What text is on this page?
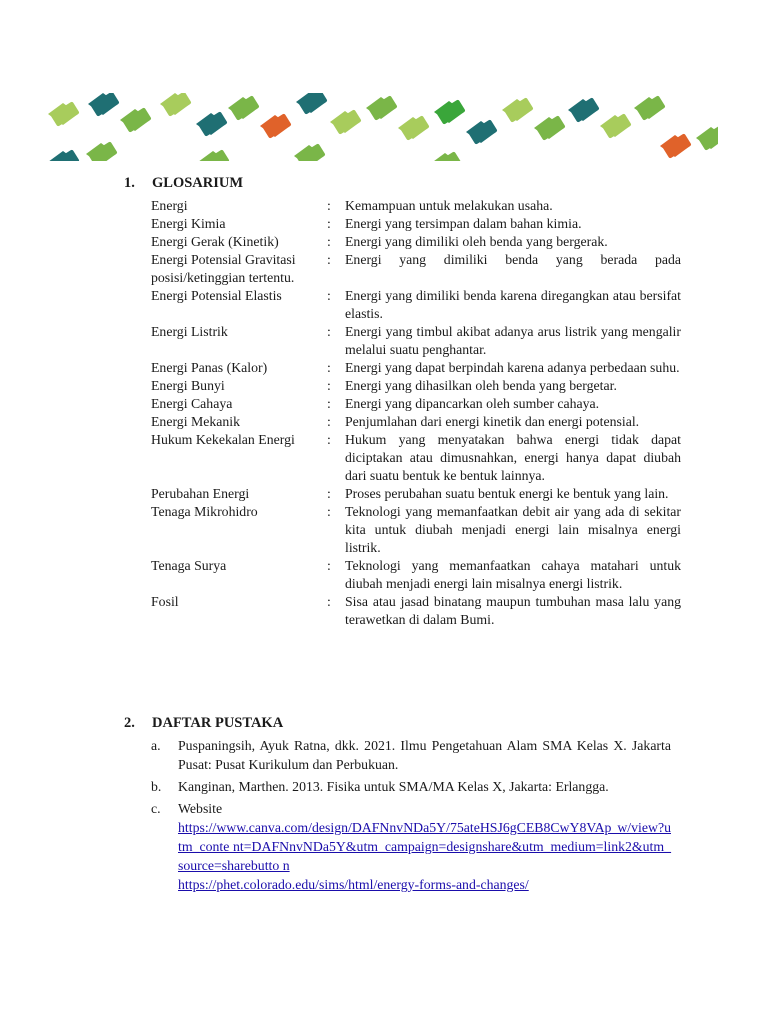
1. GLOSARIUM
Energi	: Kemampuan untuk melakukan usaha.
Energi Kimia	: Energi yang tersimpan dalam bahan kimia.
Energi Gerak (Kinetik)	: Energi yang dimiliki oleh benda yang bergerak.
Energi Potensial Gravitasi	: Energi yang dimiliki benda yang berada pada
posisi/ketinggian tertentu.
Energi Potensial Elastis	: Energi yang dimiliki benda karena diregangkan atau bersifat elastis.
Energi Listrik	: Energi yang timbul akibat adanya arus listrik yang mengalir melalui suatu penghantar.
Energi Panas (Kalor)	: Energi yang dapat berpindah karena adanya perbedaan suhu.
Energi Bunyi	: Energi yang dihasilkan oleh benda yang bergetar.
Energi Cahaya	: Energi yang dipancarkan oleh sumber cahaya.
Energi Mekanik	: Penjumlahan dari energi kinetik dan energi potensial.
Hukum Kekekalan Energi	: Hukum yang menyatakan bahwa energi tidak dapat diciptakan atau dimusnahkan, energi hanya dapat diubah dari suatu bentuk ke bentuk lainnya.
Perubahan Energi	: Proses perubahan suatu bentuk energi ke bentuk yang lain.
Tenaga Mikrohidro	: Teknologi yang memanfaatkan debit air yang ada di sekitar kita untuk diubah menjadi energi lain misalnya energi listrik.
Tenaga Surya	: Teknologi yang memanfaatkan cahaya matahari untuk diubah menjadi energi lain misalnya energi listrik.
Fosil	: Sisa atau jasad binatang maupun tumbuhan masa lalu yang terawetkan di dalam Bumi.
2. DAFTAR PUSTAKA
a. Puspaningsih, Ayuk Ratna, dkk. 2021. Ilmu Pengetahuan Alam SMA Kelas X. Jakarta Pusat: Pusat Kurikulum dan Perbukuan.
b. Kanginan, Marthen. 2013. Fisika untuk SMA/MA Kelas X, Jakarta: Erlangga.
c. Website
https://www.canva.com/design/DAFNnvNDa5Y/75ateHSJ6gCEB8CwY8VAp w/view?utm_conte nt=DAFNnvNDa5Y&utm_campaign=designshare&utm_medium=link2&utm_ source=sharebutto n
https://phet.colorado.edu/sims/html/energy-forms-and-changes/
